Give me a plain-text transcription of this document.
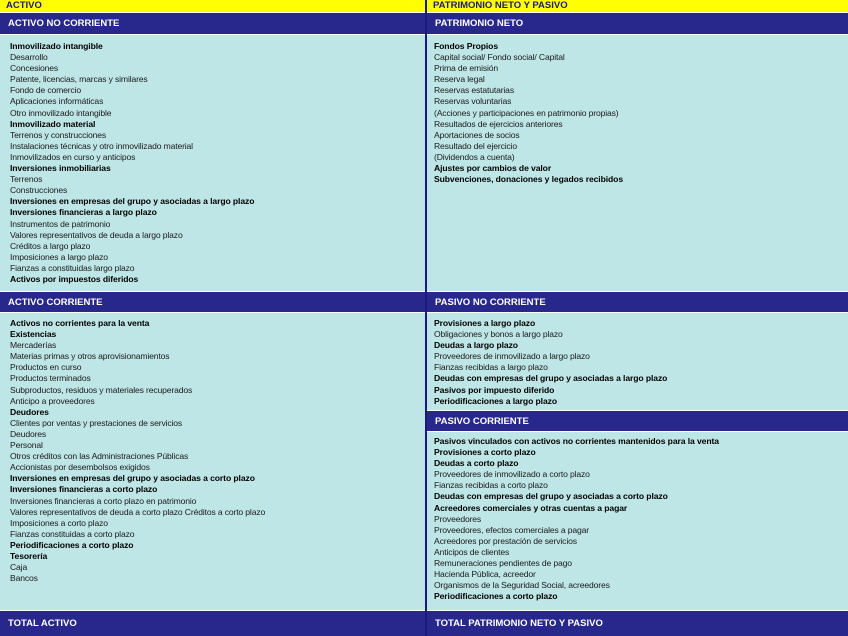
ACTIVO	PATRIMONIO NETO Y PASIVO
ACTIVO NO CORRIENTE
Inmovilizado intangible
Desarrollo
Concesiones
Patente, licencias, marcas y similares
Fondo de comercio
Aplicaciones informáticas
Otro inmovilizado intangible
Inmovilizado material
Terrenos y construcciones
Instalaciones técnicas y otro inmovilizado material
Inmovilizados en curso y anticipos
Inversiones inmobiliarias
Terrenos
Construcciones
Inversiones en empresas del grupo y asociadas a largo plazo
Inversiones financieras a largo plazo
Instrumentos de patrimonio
Valores representativos de deuda a largo plazo
Créditos a largo plazo
Imposiciones a largo plazo
Fianzas a constituidas largo plazo
Activos por impuestos diferidos
ACTIVO CORRIENTE
Activos no corrientes para la venta
Existencias
Mercaderías
Materias primas y otros aprovisionamientos
Productos en curso
Productos terminados
Subproductos, residuos y materiales recuperados
Anticipo a proveedores
Deudores
Clientes por ventas y prestaciones de servicios
Deudores
Personal
Otros créditos con las Administraciones Públicas
Accionistas por desembolsos exigidos
Inversiones en empresas del grupo y asociadas a corto plazo
Inversiones financieras a corto plazo
Inversiones financieras a corto plazo en patrimonio
Valores representativos de deuda a corto plazo Créditos a corto plazo
Imposiciones a corto plazo
Fianzas constituidas a corto plazo
Periodificaciones a corto plazo
Tesorería
Caja
Bancos
TOTAL ACTIVO
PATRIMONIO NETO
Fondos Propios
Capital social/ Fondo social/ Capital
Prima de emisión
Reserva legal
Reservas estatutarias
Reservas voluntarias
(Acciones y participaciones en patrimonio propias)
Resultados de ejercicios anteriores
Aportaciones de socios
Resultado del ejercicio
(Dividendos a cuenta)
Ajustes por cambios de valor
Subvenciones, donaciones y legados recibidos
PASIVO NO CORRIENTE
Provisiones a largo plazo
Obligaciones y bonos a largo plazo
Deudas a largo plazo
Proveedores de inmovilizado a largo plazo
Fianzas recibidas a largo plazo
Deudas con empresas del grupo y asociadas a largo plazo
Pasivos por impuesto diferido
Periodificaciones a largo plazo
PASIVO CORRIENTE
Pasivos vinculados con activos no corrientes mantenidos para la venta
Provisiones a corto plazo
Deudas a corto plazo
Proveedores de inmovilizado a corto plazo
Fianzas recibidas a corto plazo
Deudas con empresas del grupo y asociadas a corto plazo
Acreedores comerciales y otras cuentas a pagar
Proveedores
Proveedores, efectos comerciales a pagar
Acreedores por prestación de servicios
Anticipos de clientes
Remuneraciones pendientes de pago
Hacienda Pública, acreedor
Organismos de la Seguridad Social, acreedores
Periodificaciones a corto plazo
TOTAL PATRIMONIO NETO Y PASIVO
